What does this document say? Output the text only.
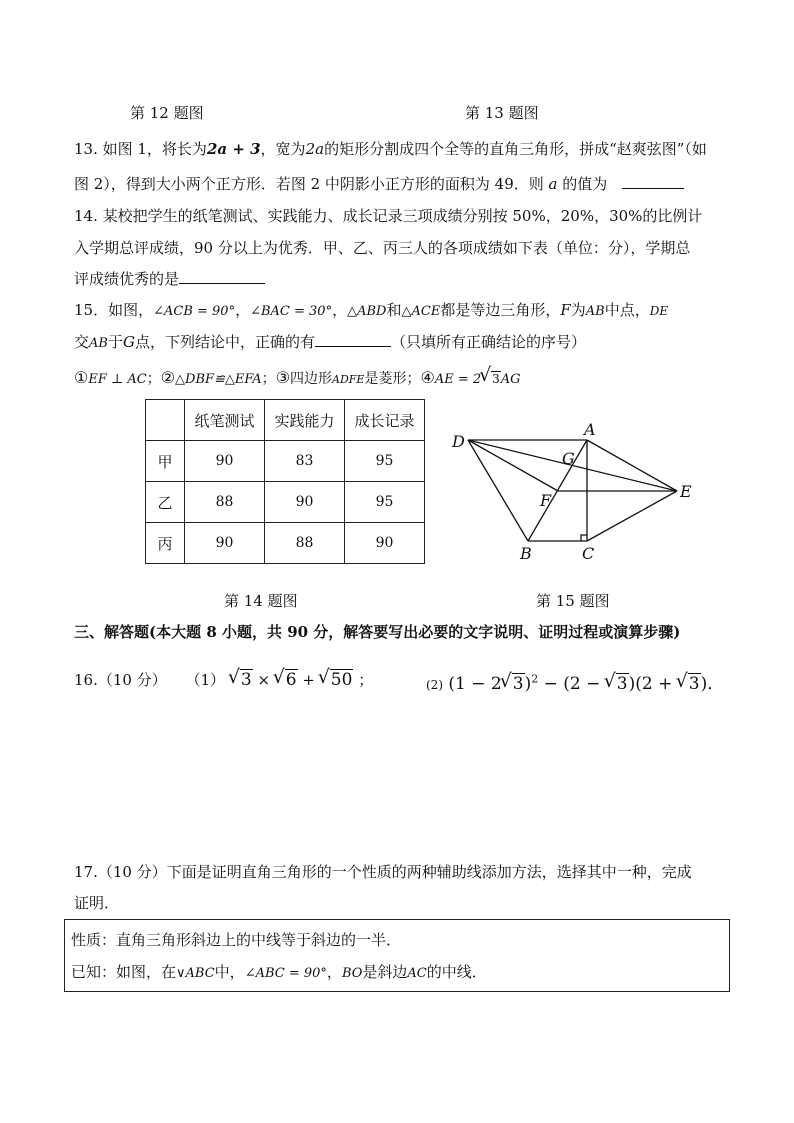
第 12 题图	第 13 题图
13. 如图 1，将长为2a + 3，宽为2a的矩形分割成四个全等的直角三角形，拼成“赵爽弦图”（如
图 2），得到大小两个正方形．若图 2 中阴影小正方形的面积为 49．则 a 的值为
14. 某校把学生的纸笔测试、实践能力、成长记录三项成绩分别按 50%，20%，30%的比例计
入学期总评成绩，90 分以上为优秀．甲、乙、丙三人的各项成绩如下表（单位：分），学期总
评成绩优秀的是
15．如图，∠ACB = 90°，∠BAC = 30°，△ABD和△ACE都是等边三角形，F为AB中点，DE
交AB于G点，下列结论中，正确的有	（只填所有正确结论的序号）
①EF ⊥ AC；②△DBF≌△EFA；③四边形ADFE是菱形；④AE = 2 √ 3AG
	纸笔测试	实践能力	成长记录
甲	90	83	95
乙	88	90	95
丙	90	88	90
D
A
G
F	E
B	C
第 14 题图	第 15 题图
三、解答题(本大题 8 小题，共 90 分，解答要写出必要的文字说明、证明过程或演算步骤)
16.（10 分） （1） √ 3 × √ 6 + √ 50 ；	(2) (1 − 2 √ 3)$^2$ − (2 − √ 3)(2 + √ 3)．
17.（10 分）下面是证明直角三角形的一个性质的两种辅助线添加方法，选择其中一种，完成
证明．
性质：直角三角形斜边上的中线等于斜边的一半．
已知：如图，在∨ABC中，∠ABC = 90°，BO是斜边AC的中线．
